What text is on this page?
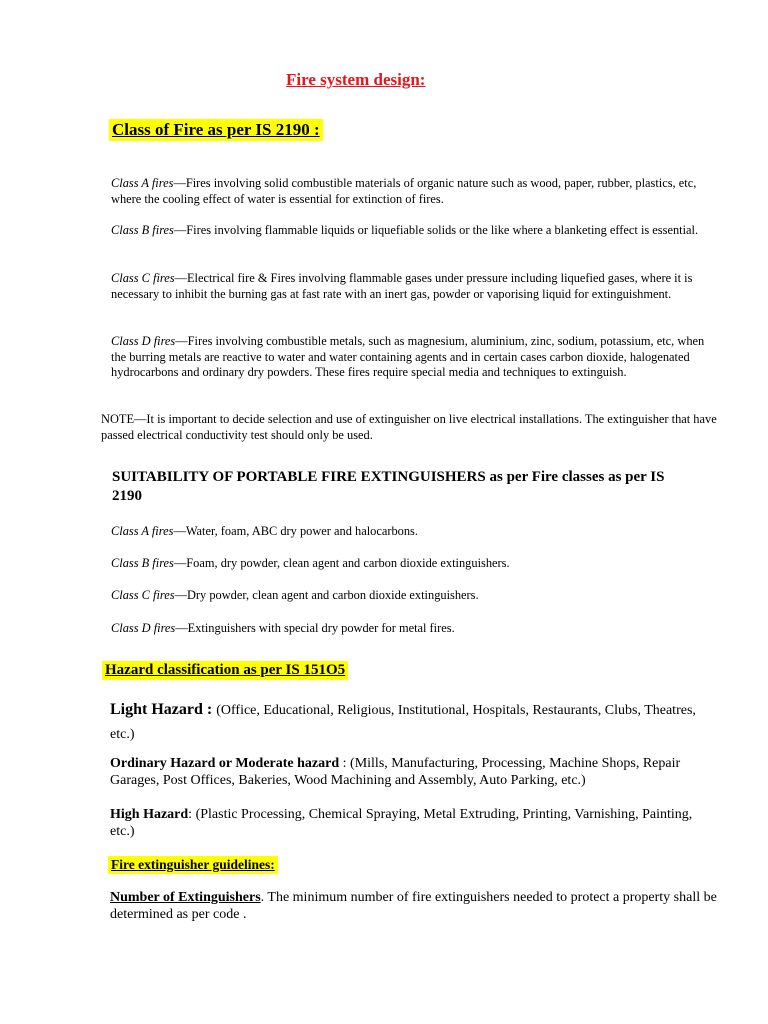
Fire system design:
Class of Fire as per IS 2190 :
Class A fires—Fires involving solid combustible materials of organic nature such as wood, paper, rubber, plastics, etc, where the cooling effect of water is essential for extinction of fires.
Class B fires—Fires involving flammable liquids or liquefiable solids or the like where a blanketing effect is essential.
Class C fires—Electrical fire & Fires involving flammable gases under pressure including liquefied gases, where it is necessary to inhibit the burning gas at fast rate with an inert gas, powder or vaporising liquid for extinguishment.
Class D fires—Fires involving combustible metals, such as magnesium, aluminium, zinc, sodium, potassium, etc, when the burring metals are reactive to water and water containing agents and in certain cases carbon dioxide, halogenated hydrocarbons and ordinary dry powders. These fires require special media and techniques to extinguish.
NOTE—It is important to decide selection and use of extinguisher on live electrical installations. The extinguisher that have passed electrical conductivity test should only be used.
SUITABILITY OF PORTABLE FIRE EXTINGUISHERS as per Fire classes as per IS 2190
Class A fires—Water, foam, ABC dry power and halocarbons.
Class B fires—Foam, dry powder, clean agent and carbon dioxide extinguishers.
Class C fires—Dry powder, clean agent and carbon dioxide extinguishers.
Class D fires—Extinguishers with special dry powder for metal fires.
Hazard classification as per IS 151O5
Light Hazard : (Office, Educational, Religious, Institutional, Hospitals, Restaurants, Clubs, Theatres, etc.)
Ordinary Hazard or Moderate hazard : (Mills, Manufacturing, Processing, Machine Shops, Repair Garages, Post Offices, Bakeries, Wood Machining and Assembly, Auto Parking, etc.)
High Hazard: (Plastic Processing, Chemical Spraying, Metal Extruding, Printing, Varnishing, Painting, etc.)
Fire extinguisher guidelines:
Number of Extinguishers. The minimum number of fire extinguishers needed to protect a property shall be determined as per code .
